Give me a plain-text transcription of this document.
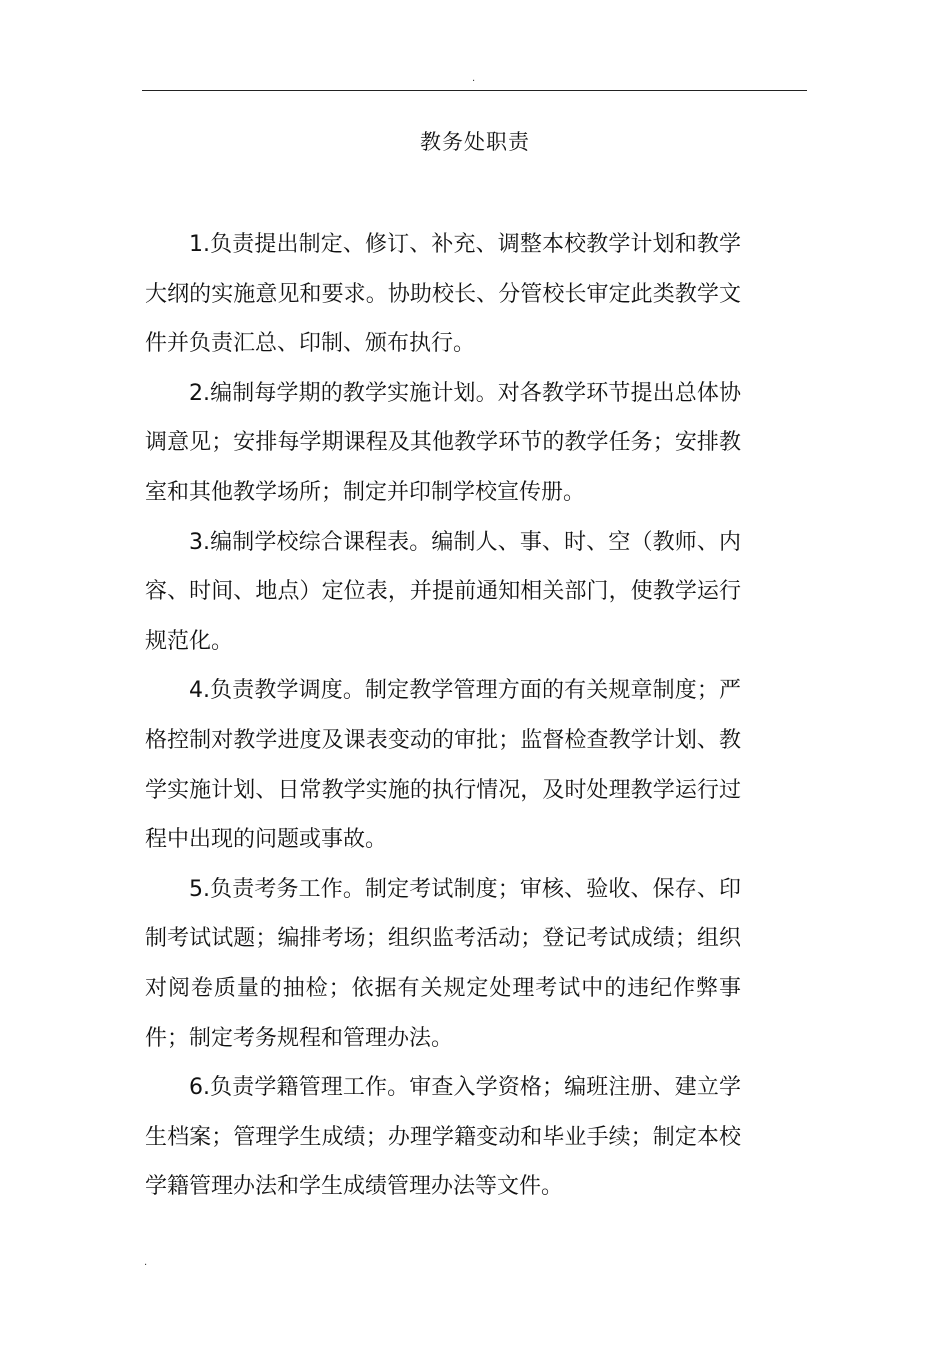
.
教务处职责

1.负责提出制定、修订、补充、调整本校教学计划和教学大纲的实施意见和要求。协助校长、分管校长审定此类教学文件并负责汇总、印制、颁布执行。

2.编制每学期的教学实施计划。对各教学环节提出总体协调意见；安排每学期课程及其他教学环节的教学任务；安排教室和其他教学场所；制定并印制学校宣传册。

3.编制学校综合课程表。编制人、事、时、空（教师、内容、时间、地点）定位表，并提前通知相关部门，使教学运行规范化。

4.负责教学调度。制定教学管理方面的有关规章制度；严格控制对教学进度及课表变动的审批；监督检查教学计划、教学实施计划、日常教学实施的执行情况，及时处理教学运行过程中出现的问题或事故。

5.负责考务工作。制定考试制度；审核、验收、保存、印制考试试题；编排考场；组织监考活动；登记考试成绩；组织对阅卷质量的抽检；依据有关规定处理考试中的违纪作弊事件；制定考务规程和管理办法。

6.负责学籍管理工作。审查入学资格；编班注册、建立学生档案；管理学生成绩；办理学籍变动和毕业手续；制定本校学籍管理办法和学生成绩管理办法等文件。

.
